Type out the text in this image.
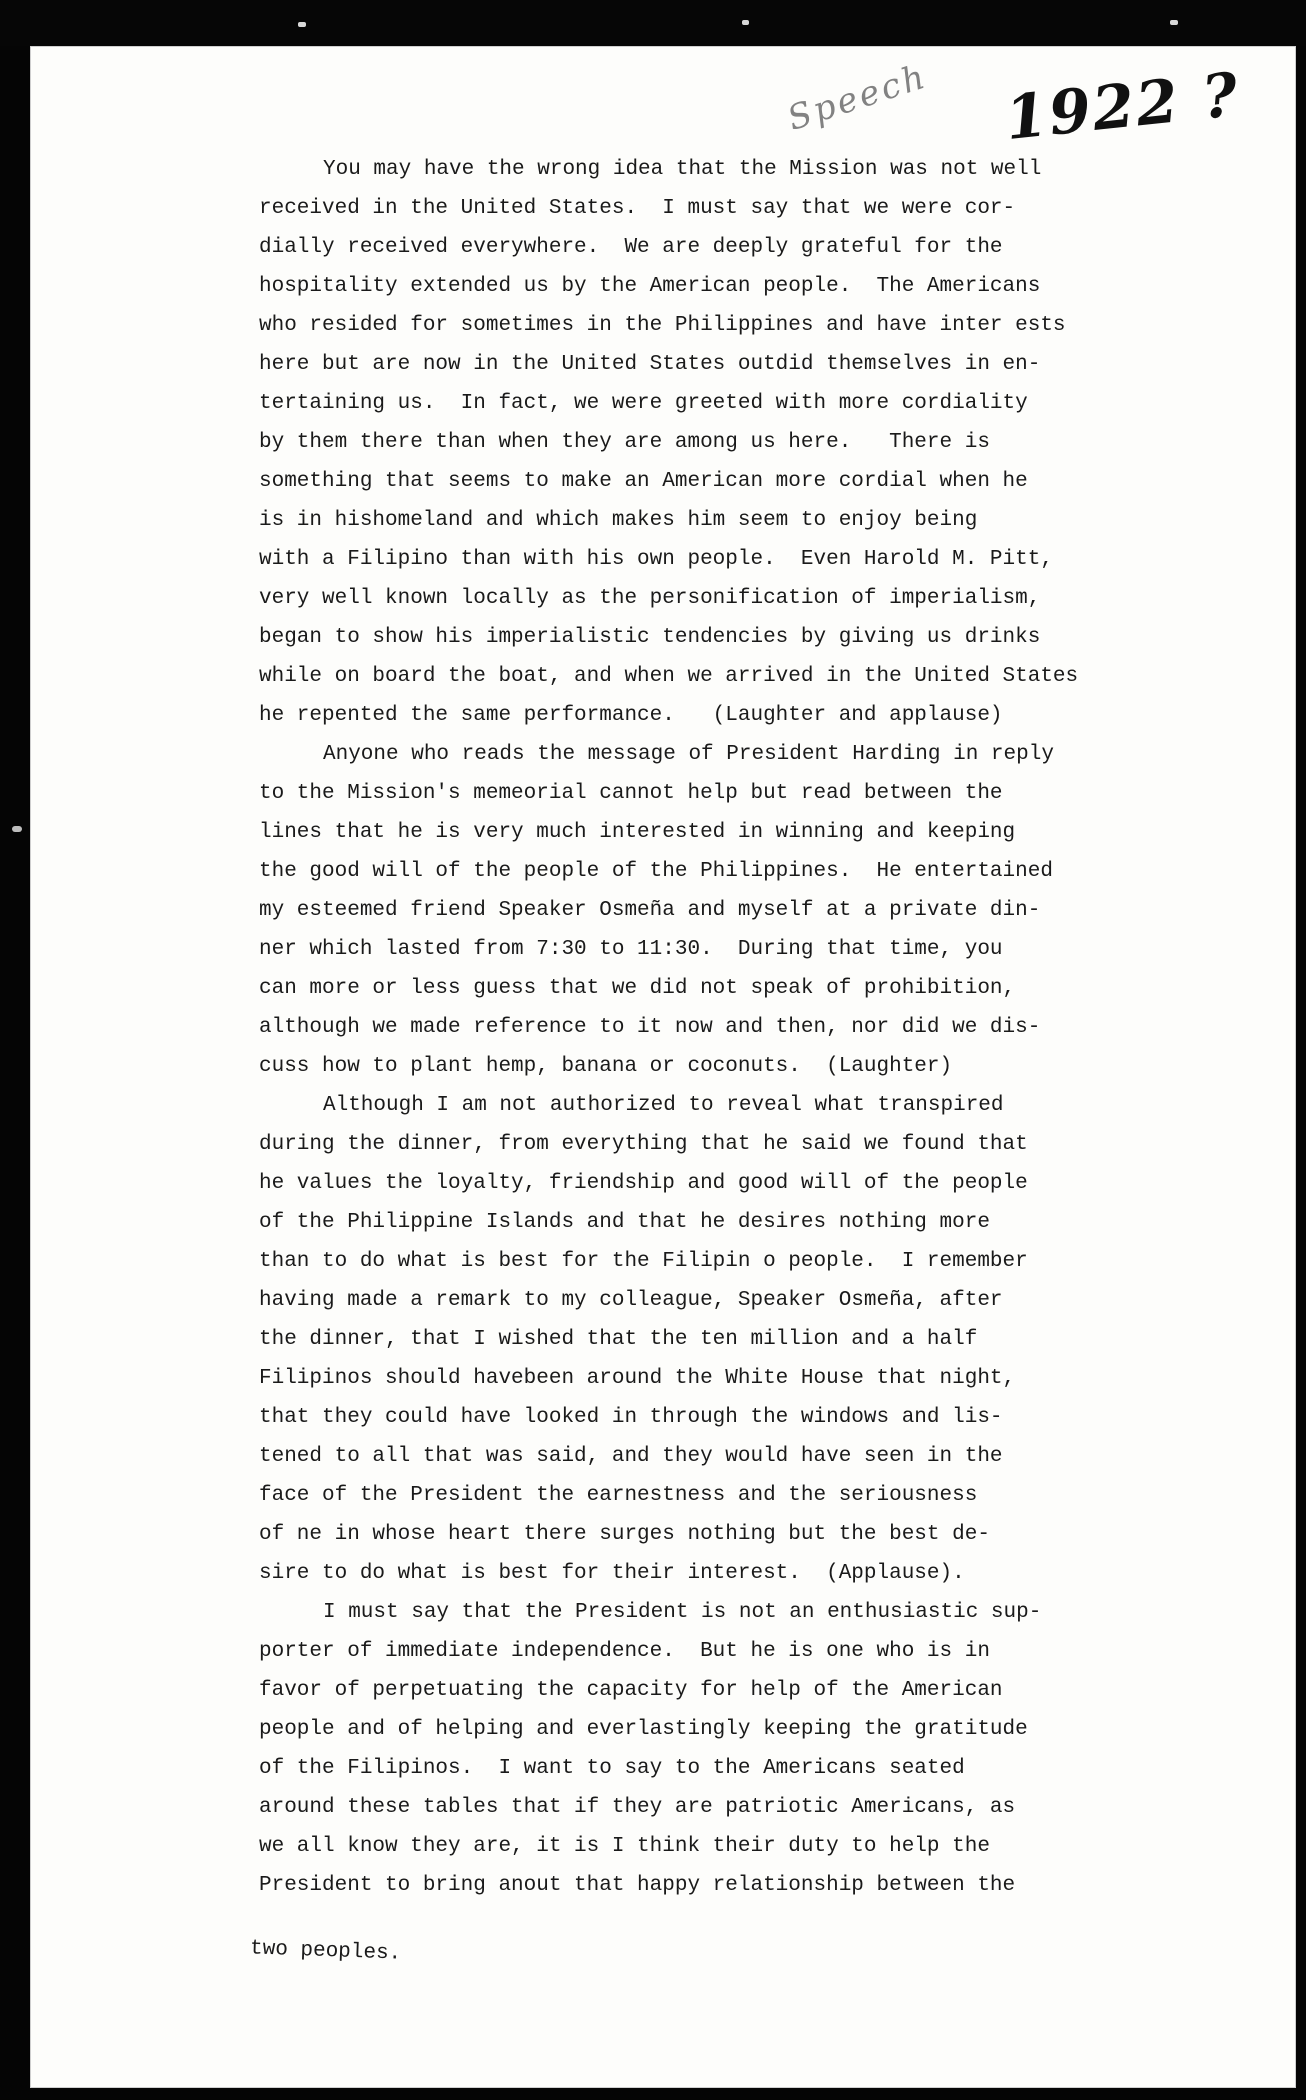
Speech 1922 ?
You may have the wrong idea that the Mission was not well
received in the United States.  I must say that we were cor-
dially received everywhere.  We are deeply grateful for the
hospitality extended us by the American people.  The Americans
who resided for sometimes in the Philippines and have inter ests
here but are now in the United States outdid themselves in en-
tertaining us.  In fact, we were greeted with more cordiality
by them there than when they are among us here.   There is
something that seems to make an American more cordial when he
is in hishomeland and which makes him seem to enjoy being
with a Filipino than with his own people.  Even Harold M. Pitt,
very well known locally as the personification of imperialism,
began to show his imperialistic tendencies by giving us drinks
while on board the boat, and when we arrived in the United States
he repented the same performance.   (Laughter and applause)
Anyone who reads the message of President Harding in reply
to the Mission's memeorial cannot help but read between the
lines that he is very much interested in winning and keeping
the good will of the people of the Philippines.  He entertained
my esteemed friend Speaker Osmeña and myself at a private din-
ner which lasted from 7:30 to 11:30.  During that time, you
can more or less guess that we did not speak of prohibition,
although we made reference to it now and then, nor did we dis-
cuss how to plant hemp, banana or coconuts.  (Laughter)
Although I am not authorized to reveal what transpired
during the dinner, from everything that he said we found that
he values the loyalty, friendship and good will of the people
of the Philippine Islands and that he desires nothing more
than to do what is best for the Filipin o people.  I remember
having made a remark to my colleague, Speaker Osmeña, after
the dinner, that I wished that the ten million and a half
Filipinos should havebeen around the White House that night,
that they could have looked in through the windows and lis-
tened to all that was said, and they would have seen in the
face of the President the earnestness and the seriousness
of ne in whose heart there surges nothing but the best de-
sire to do what is best for their interest.  (Applause).
I must say that the President is not an enthusiastic sup-
porter of immediate independence.  But he is one who is in
favor of perpetuating the capacity for help of the American
people and of helping and everlastingly keeping the gratitude
of the Filipinos.  I want to say to the Americans seated
around these tables that if they are patriotic Americans, as
we all know they are, it is I think their duty to help the
President to bring anout that happy relationship between the
two peoples.
